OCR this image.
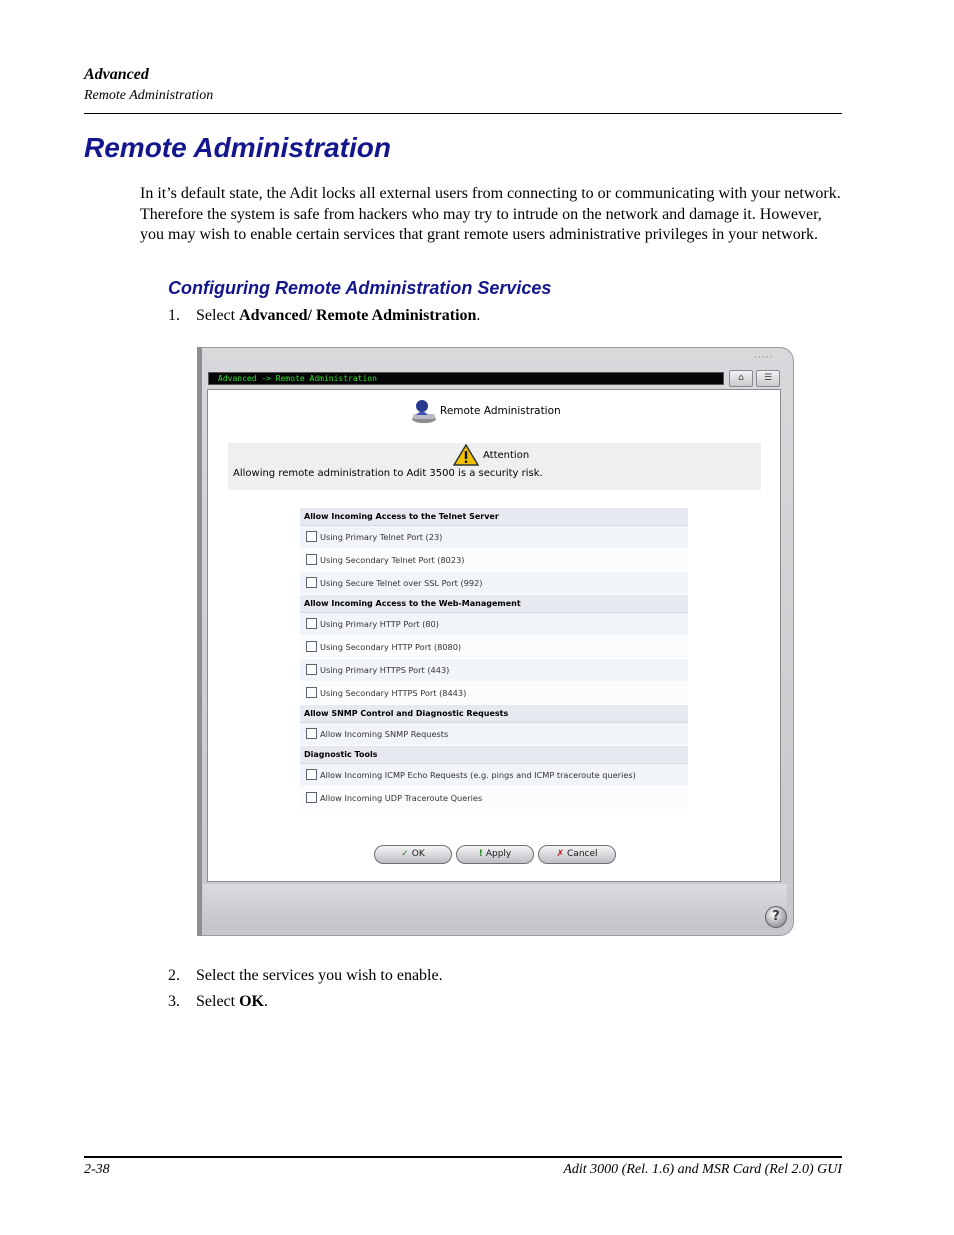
Advanced
Remote Administration
Remote Administration
In it’s default state, the Adit locks all external users from connecting to or communicating with your network. Therefore the system is safe from hackers who may try to intrude on the network and damage it. However, you may wish to enable certain services that grant remote users administrative privileges in your network.
Configuring Remote Administration Services
1. Select Advanced/ Remote Administration.
·····
Advanced -> Remote Administration	⌂	☰
Remote Administration
Attention
Allowing remote administration to Adit 3500 is a security risk.
Allow Incoming Access to the Telnet Server
Using Primary Telnet Port (23)
Using Secondary Telnet Port (8023)
Using Secure Telnet over SSL Port (992)
Allow Incoming Access to the Web-Management
Using Primary HTTP Port (80)
Using Secondary HTTP Port (8080)
Using Primary HTTPS Port (443)
Using Secondary HTTPS Port (8443)
Allow SNMP Control and Diagnostic Requests
Allow Incoming SNMP Requests
Diagnostic Tools
Allow Incoming ICMP Echo Requests (e.g. pings and ICMP traceroute queries)
Allow Incoming UDP Traceroute Queries
✓ OK	! Apply	✗ Cancel
?
2. Select the services you wish to enable.
3. Select OK.
2-38	Adit 3000 (Rel. 1.6) and MSR Card (Rel 2.0) GUI
